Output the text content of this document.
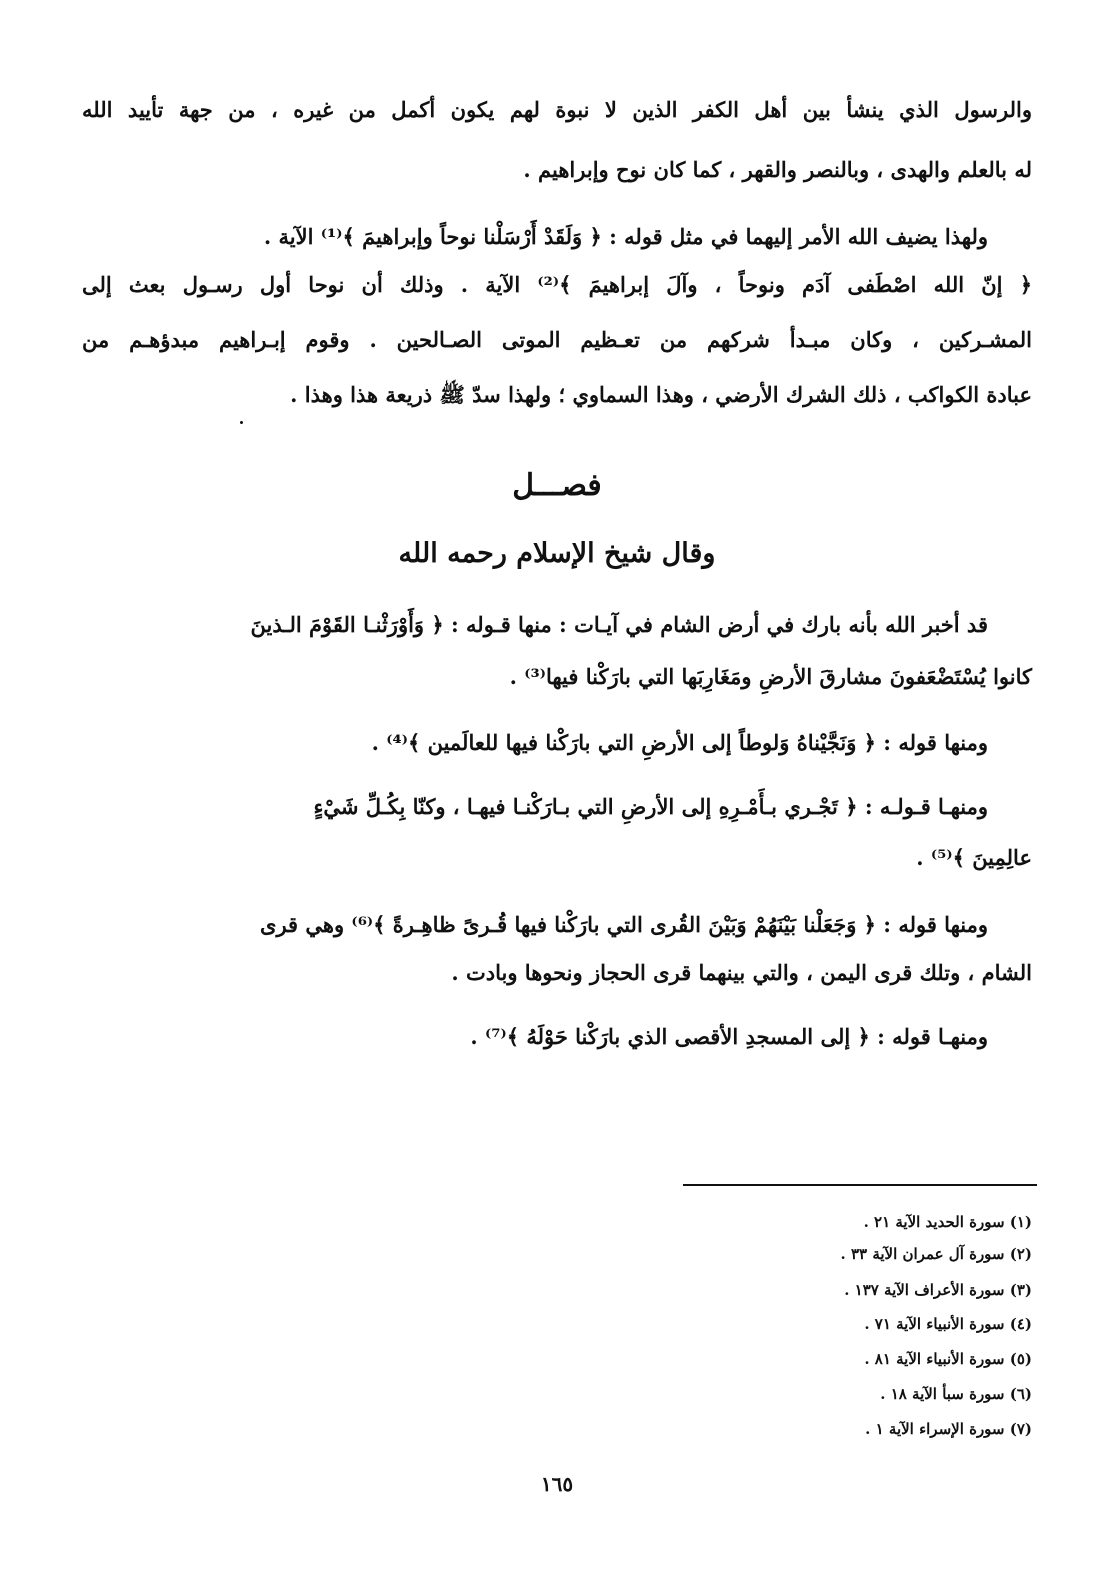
والرسول الذي ينشأ بين أهل الكفر الذين لا نبوة لهم يكون أكمل من غيره ، من جهة تأييد الله
له بالعلم والهدى ، وبالنصر والقهر ، كما كان نوح وإبراهيم .
ولهذا يضيف الله الأمر إليهما في مثل قوله : ﴿ وَلَقَدْ أَرْسَلْنا نوحاً وإبراهيمَ ﴾⁽¹⁾ الآية .
﴿ إنّ الله اصْطَفى آدَم ونوحاً ، وآلَ إبراهيمَ ﴾⁽²⁾ الآية . وذلك أن نوحا أول رسـول بعث إلى
المشـركين ، وكان مبـدأ شركهم من تعـظيم الموتى الصـالحين . وقوم إبـراهيم مبدؤهـم من
عبادة الكواكب ، ذلك الشرك الأرضي ، وهذا السماوي ؛ ولهذا سدّ ﷺ ذريعة هذا وهذا .
فصـــل
وقال شيخ الإسلام رحمه الله
قد أخبر الله بأنه بارك في أرض الشام في آيـات : منها قـوله : ﴿ وَأَوْرَثْنـا القَوْمَ الـذينَ
كانوا يُسْتَضْعَفونَ مشارقَ الأرضِ ومَغَارِبَها التي بارَكْنا فيها⁽³⁾ .
ومنها قوله : ﴿ وَنَجَّيْناهُ وَلوطاً إلى الأرضِ التي بارَكْنا فيها للعالَمين ﴾⁽⁴⁾ .
ومنهـا قـولـه : ﴿ تَجْـري بـأَمْـرِهِ إلى الأرضِ التي بـارَكْنـا فيهـا ، وكنّا بِكُـلِّ شَيْءٍ
عالِمِينَ ﴾⁽⁵⁾ .
ومنها قوله : ﴿ وَجَعَلْنا بَيْنَهُمْ وَبَيْنَ القُرى التي بارَكْنا فيها قُـرىً ظاهِـرةً ﴾⁽⁶⁾ وهي قرى
الشام ، وتلك قرى اليمن ، والتي بينهما قرى الحجاز ونحوها وبادت .
ومنهـا قوله : ﴿ إلى المسجدِ الأقصى الذي بارَكْنا حَوْلَهُ ﴾⁽⁷⁾ .
(١) سورة الحديد الآية ٢١ .
(٢) سورة آل عمران الآية ٣٣ .
(٣) سورة الأعراف الآية ١٣٧ .
(٤) سورة الأنبياء الآية ٧١ .
(٥) سورة الأنبياء الآية ٨١ .
(٦) سورة سبأ الآية ١٨ .
(٧) سورة الإسراء الآية ١ .
١٦٥
